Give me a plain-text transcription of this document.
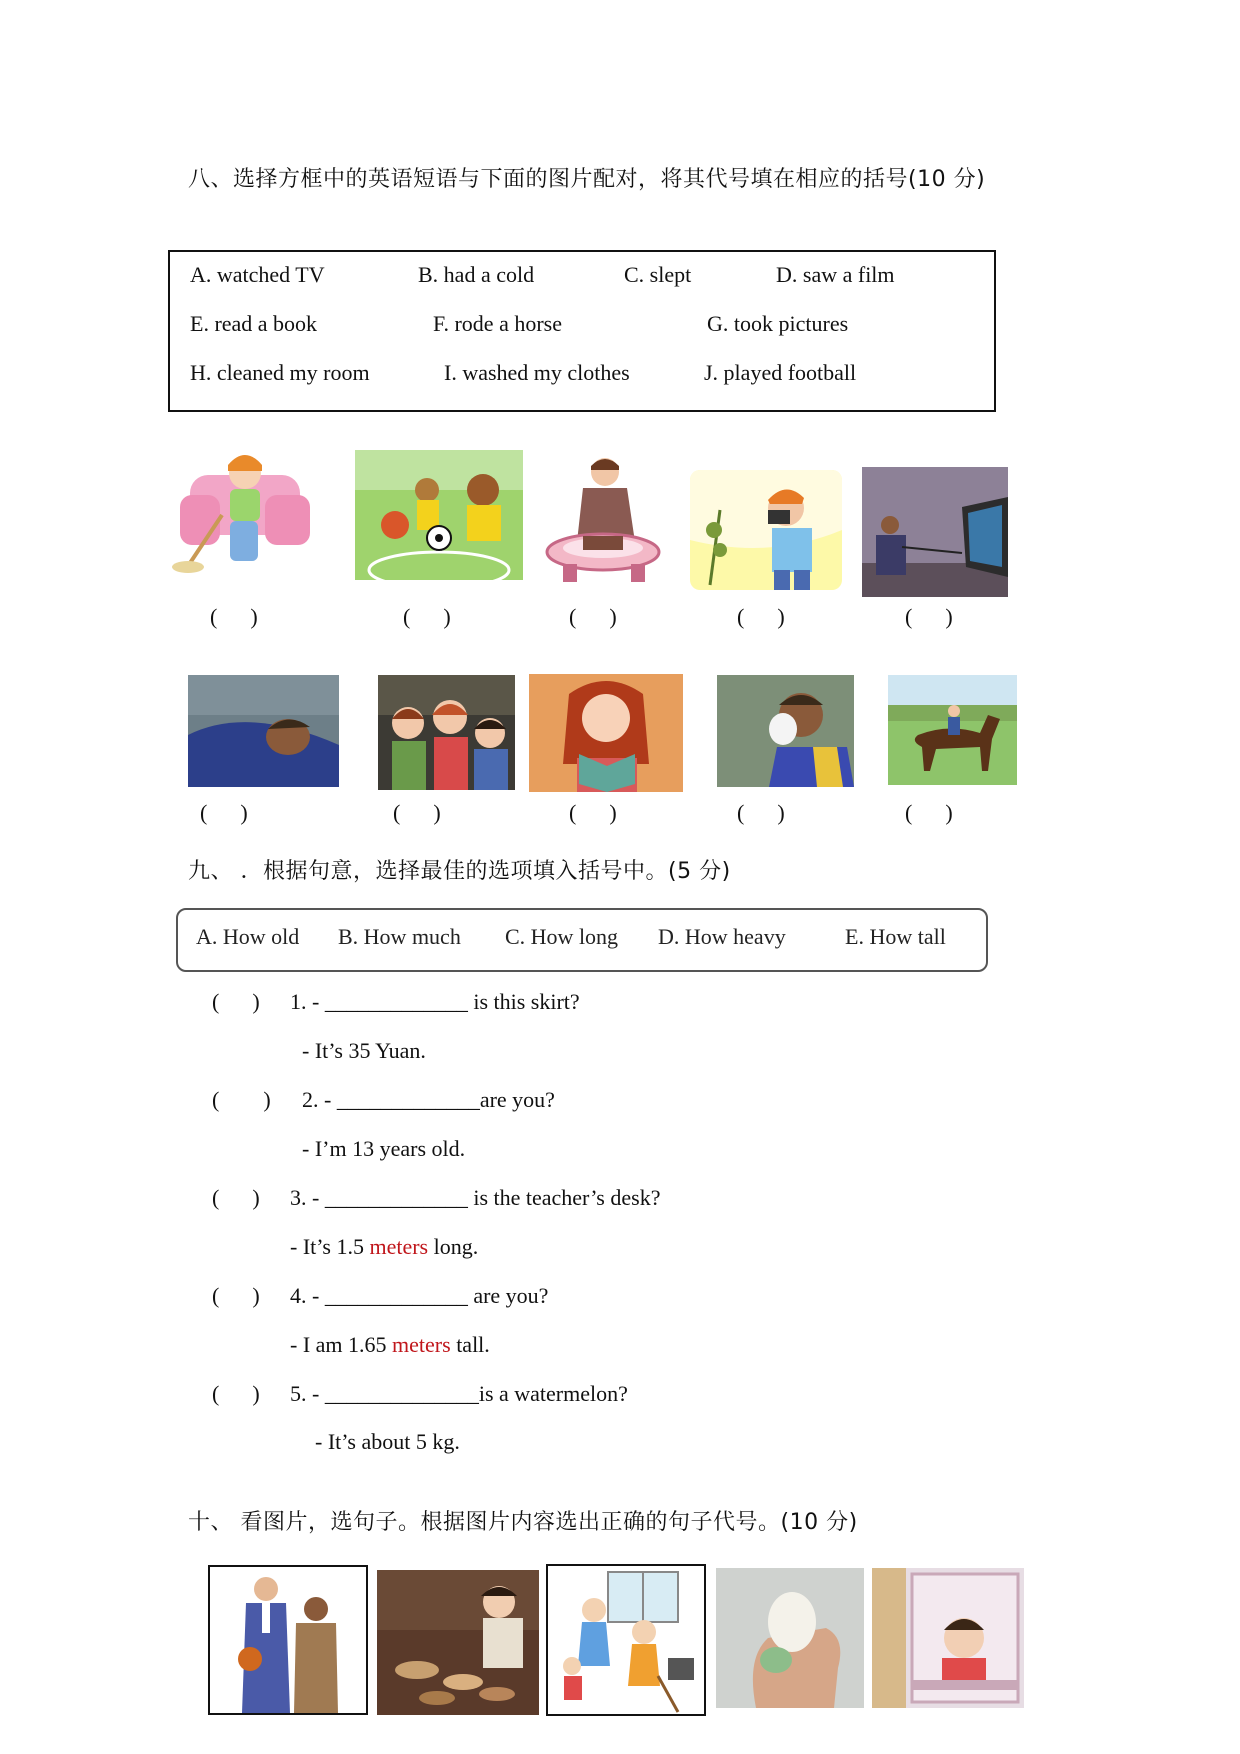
八、选择方框中的英语短语与下面的图片配对，将其代号填在相应的括号(10 分)
A. watched TV	B. had a cold	C. slept	D. saw a film
E. read a book	F. rode a horse	G. took pictures
H. cleaned my room	I. washed my clothes	J. played football
(      )	(      )	(      )	(      )	(      )
(      )	(      )	(      )	(      )	(      )
九、 ．根据句意，选择最佳的选项填入括号中。(5 分)
A. How old B. How much C. How long D. How heavy	E. How tall
(      ) 1. - _____________ is this skirt?
- It’s 35 Yuan.
(        ) 2. - _____________are you?
- I’m 13 years old.
(      ) 3. - _____________ is the teacher’s desk?
- It’s 1.5 meters long.
(      ) 4. - _____________ are you?
- I am 1.65 meters tall.
(      ) 5. - ______________is a watermelon?
- It’s about 5 kg.
十、 看图片，选句子。根据图片内容选出正确的句子代号。(10 分)
